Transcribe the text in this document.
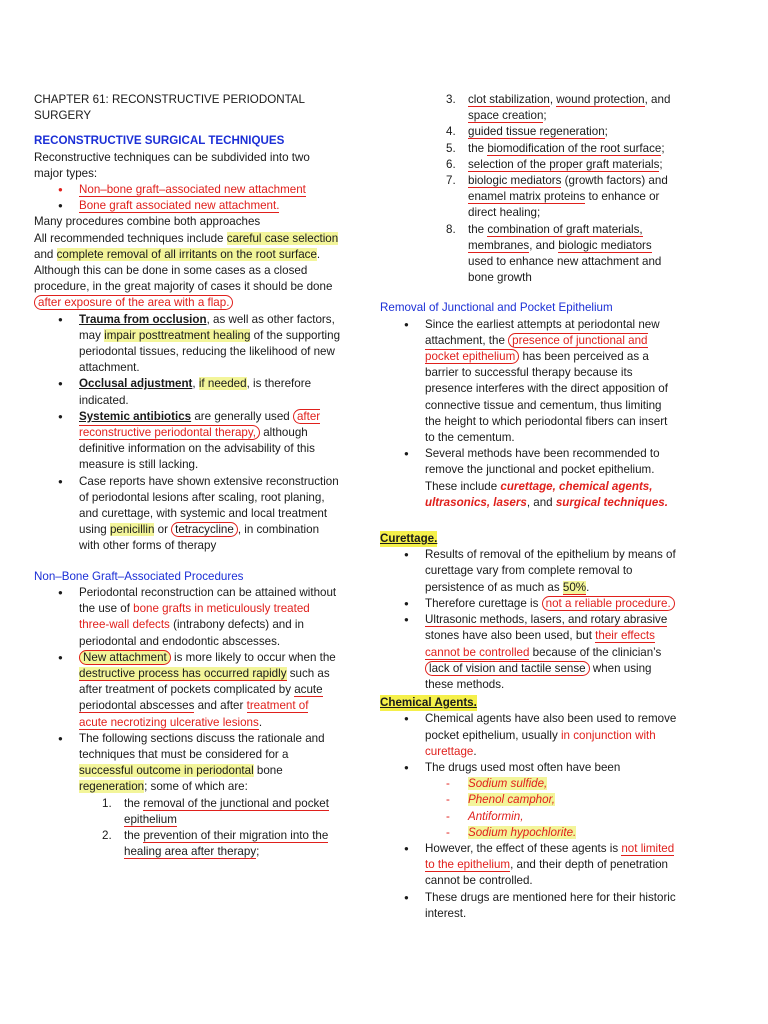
CHAPTER 61: RECONSTRUCTIVE PERIODONTAL SURGERY

RECONSTRUCTIVE SURGICAL TECHNIQUES

Reconstructive techniques can be subdivided into two major types:

● Non–bone graft–associated new attachment
● Bone graft associated new attachment.

Many procedures combine both approaches

All recommended techniques include careful case selection and complete removal of all irritants on the root surface. Although this can be done in some cases as a closed procedure, in the great majority of cases it should be done after exposure of the area with a flap.

● Trauma from occlusion, as well as other factors, may impair posttreatment healing of the supporting periodontal tissues, reducing the likelihood of new attachment.
● Occlusal adjustment, if needed, is therefore indicated.
● Systemic antibiotics are generally used after reconstructive periodontal therapy, although definitive information on the advisability of this measure is still lacking.
● Case reports have shown extensive reconstruction of periodontal lesions after scaling, root planing, and curettage, with systemic and local treatment using penicillin or tetracycline , in combination with other forms of therapy

Non–Bone Graft–Associated Procedures

● Periodontal reconstruction can be attained without the use of bone grafts in meticulously treated three-wall defects (intrabony defects) and in periodontal and endodontic abscesses.
● New attachment is more likely to occur when the destructive process has occurred rapidly such as after treatment of pockets complicated by acute periodontal abscesses and after treatment of acute necrotizing ulcerative lesions.
● The following sections discuss the rationale and techniques that must be considered for a successful outcome in periodontal bone regeneration; some of which are:
1. the removal of the junctional and pocket epithelium
2. the prevention of their migration into the healing area after therapy;
3. clot stabilization, wound protection, and space creation;
4. guided tissue regeneration;
5. the biomodification of the root surface;
6. selection of the proper graft materials;
7. biologic mediators (growth factors) and enamel matrix proteins to enhance or direct healing;
8. the combination of graft materials, membranes, and biologic mediators used to enhance new attachment and bone growth

Removal of Junctional and Pocket Epithelium

● Since the earliest attempts at periodontal new attachment, the presence of junctional and pocket epithelium has been perceived as a barrier to successful therapy because its presence interferes with the direct apposition of connective tissue and cementum, thus limiting the height to which periodontal fibers can insert to the cementum.
● Several methods have been recommended to remove the junctional and pocket epithelium. These include curettage, chemical agents, ultrasonics, lasers, and surgical techniques.
Curettage.
● Results of removal of the epithelium by means of curettage vary from complete removal to persistence of as much as 50%.
● Therefore curettage is not a reliable procedure.
● Ultrasonic methods, lasers, and rotary abrasive stones have also been used, but their effects cannot be controlled because of the clinician’s lack of vision and tactile sense when using these methods.
Chemical Agents.
● Chemical agents have also been used to remove pocket epithelium, usually in conjunction with curettage.
● The drugs used most often have been
- Sodium sulfide,
- Phenol camphor,
- Antiformin,
- Sodium hypochlorite.
● However, the effect of these agents is not limited to the epithelium, and their depth of penetration cannot be controlled.
● These drugs are mentioned here for their historic interest.
